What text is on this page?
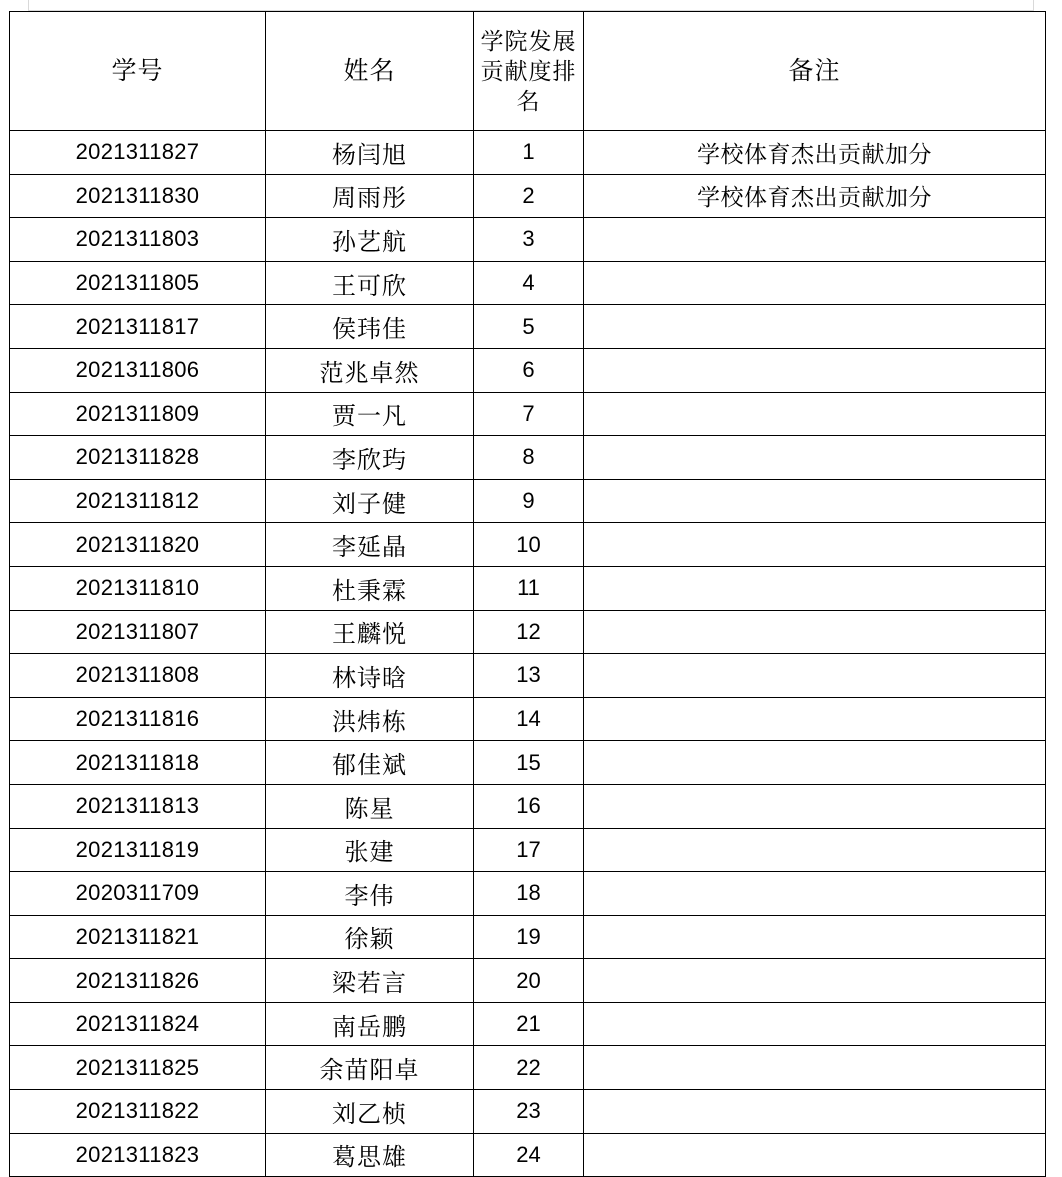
学号	姓名	学院发展贡献度排名	备注
2021311827	杨闫旭	1	学校体育杰出贡献加分
2021311830	周雨彤	2	学校体育杰出贡献加分
2021311803	孙艺航	3	
2021311805	王可欣	4	
2021311817	侯玮佳	5	
2021311806	范兆卓然	6	
2021311809	贾一凡	7	
2021311828	李欣玙	8	
2021311812	刘子健	9	
2021311820	李延晶	10	
2021311810	杜秉霖	11	
2021311807	王麟悦	12	
2021311808	林诗晗	13	
2021311816	洪炜栋	14	
2021311818	郁佳斌	15	
2021311813	陈星	16	
2021311819	张建	17	
2020311709	李伟	18	
2021311821	徐颖	19	
2021311826	梁若言	20	
2021311824	南岳鹏	21	
2021311825	余苗阳卓	22	
2021311822	刘乙桢	23	
2021311823	葛思雄	24	
